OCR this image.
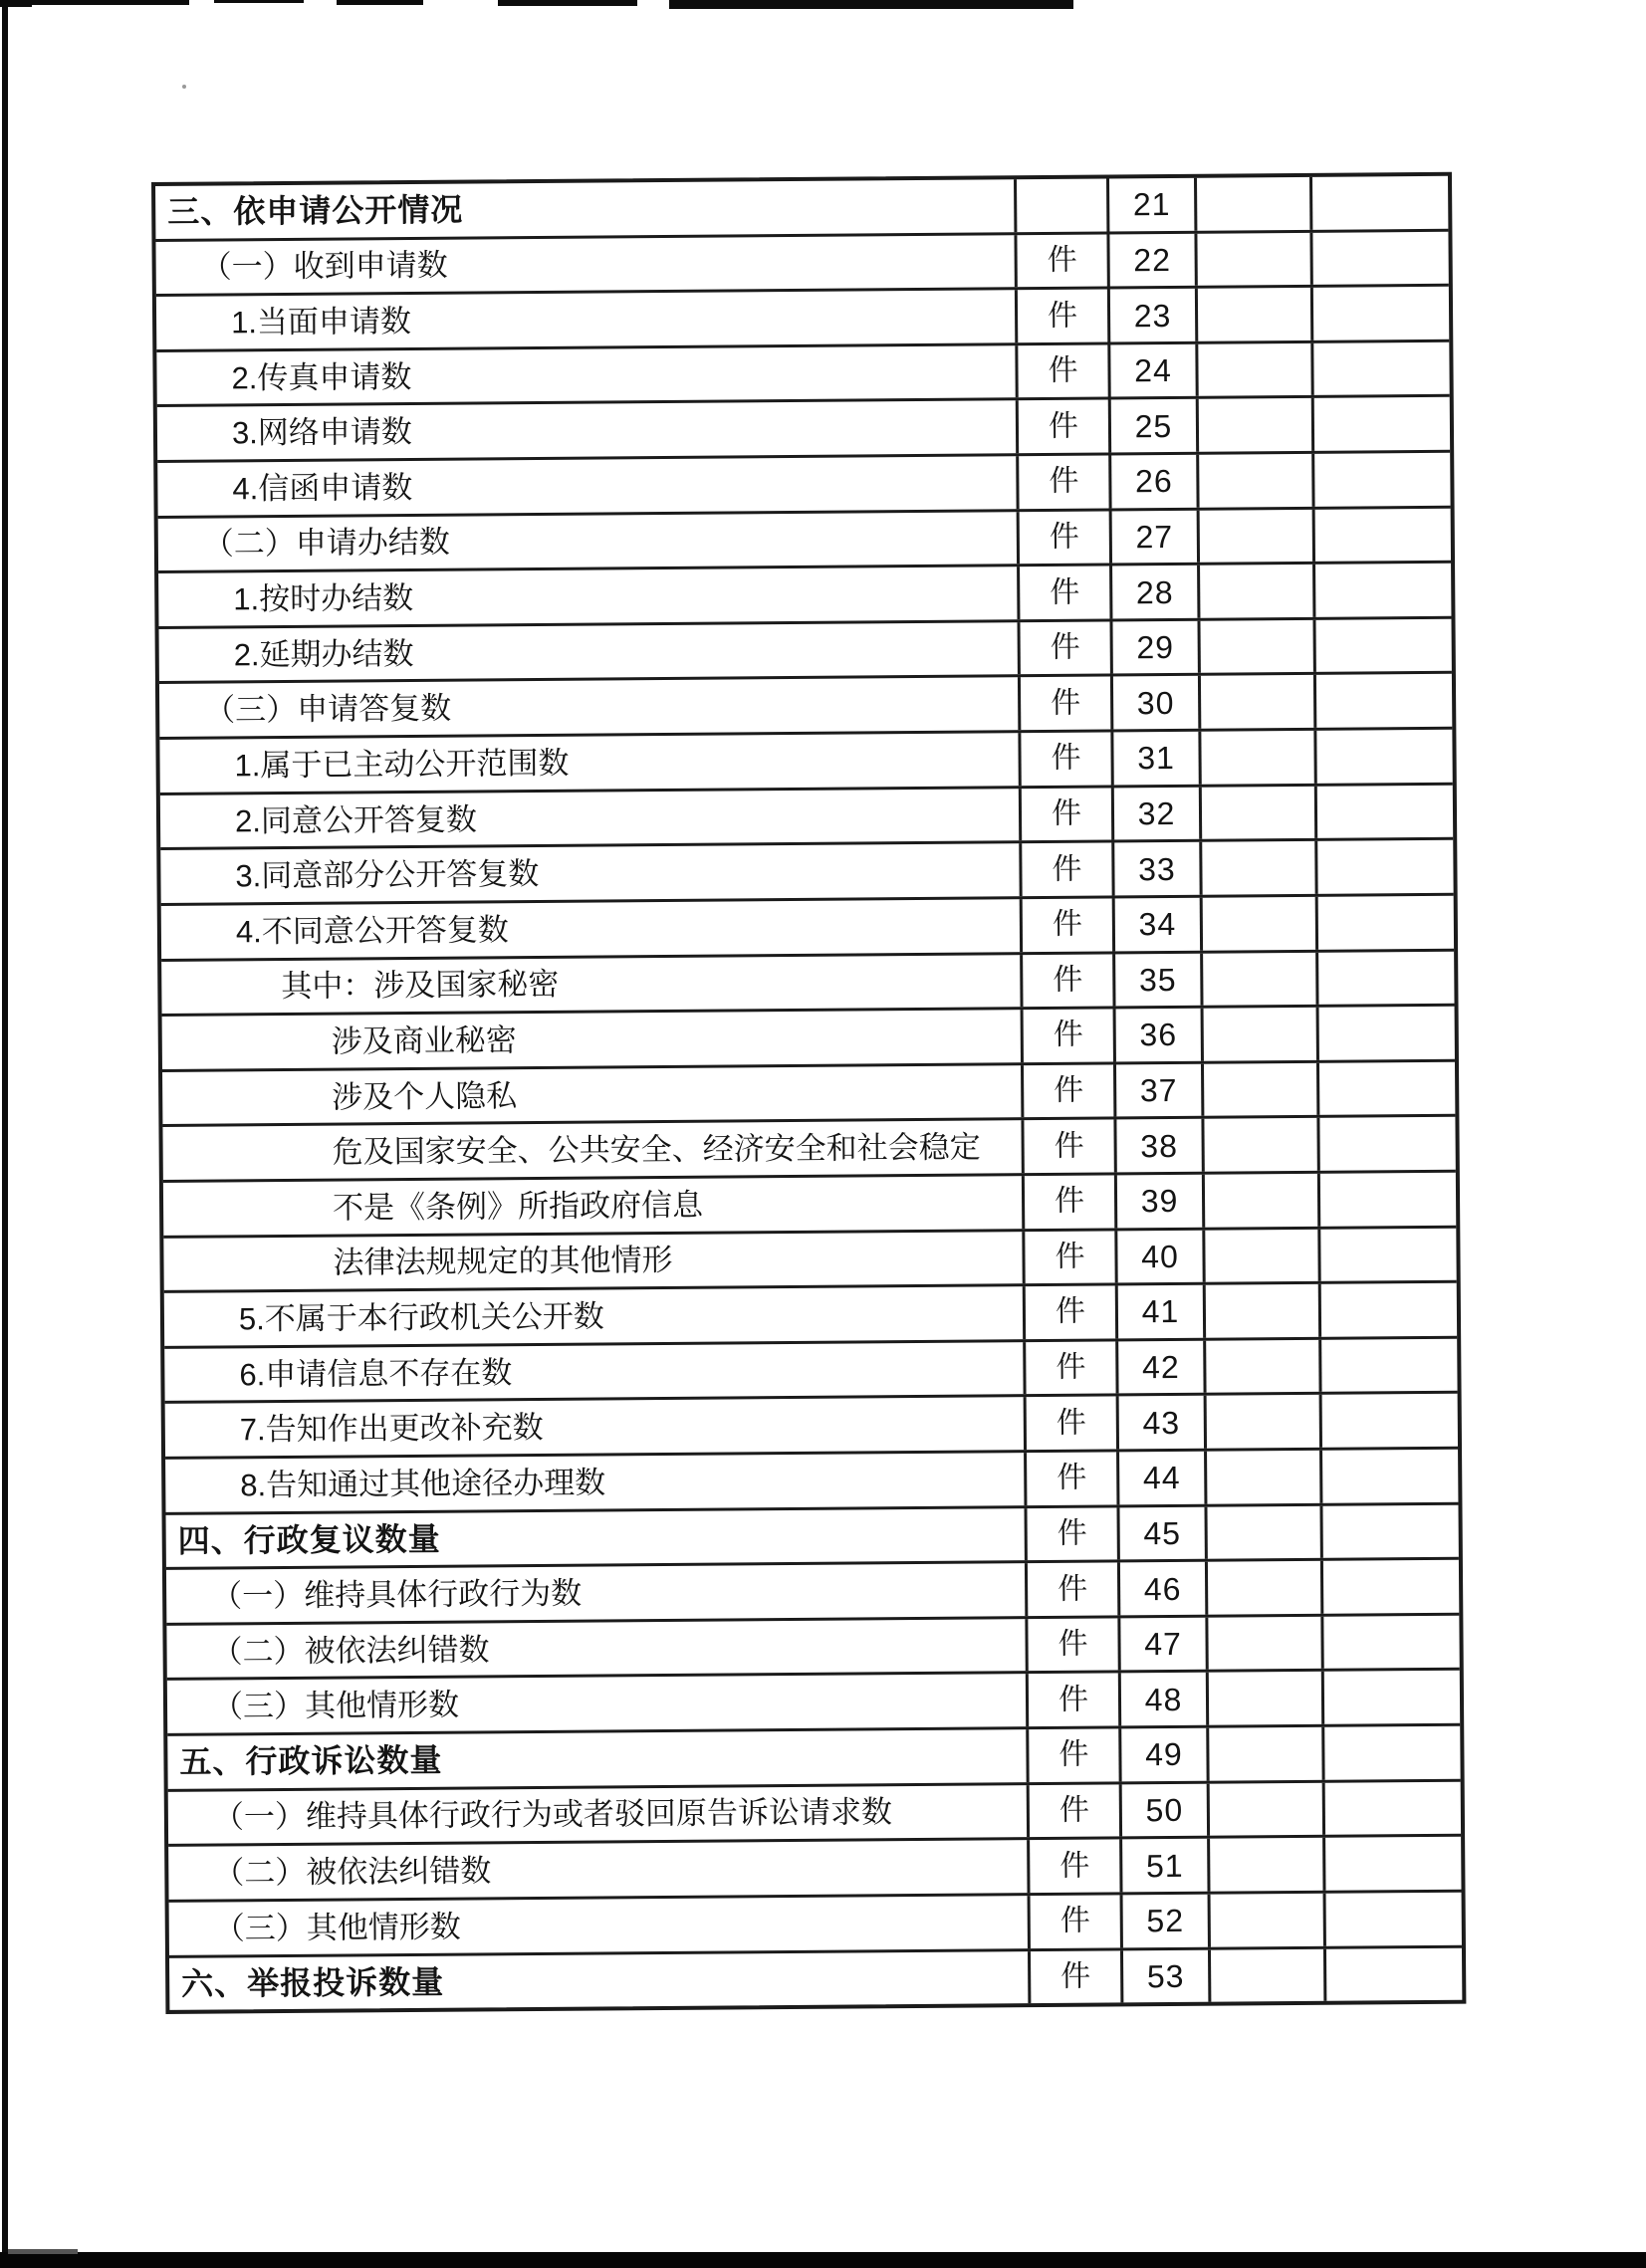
三、依申请公开情况	21
（一）收到申请数	件 22
1.当面申请数	件 23
2.传真申请数	件 24
3.网络申请数	件 25
4.信函申请数	件 26
（二）申请办结数	件 27
1.按时办结数	件 28
2.延期办结数	件 29
（三）申请答复数	件 30
1.属于已主动公开范围数	件 31
2.同意公开答复数	件 32
3.同意部分公开答复数	件 33
4.不同意公开答复数	件 34
其中：涉及国家秘密	件 35
涉及商业秘密	件 36
涉及个人隐私	件 37
危及国家安全、公共安全、经济安全和社会稳定 件 38
不是《条例》所指政府信息	件 39
法律法规规定的其他情形	件 40
5.不属于本行政机关公开数	件 41
6.申请信息不存在数	件 42
7.告知作出更改补充数	件 43
8.告知通过其他途径办理数	件 44
四、行政复议数量	件 45
（一）维持具体行政行为数	件 46
（二）被依法纠错数	件 47
（三）其他情形数	件 48
五、行政诉讼数量	件 49
（一）维持具体行政行为或者驳回原告诉讼请求数	件 50
（二）被依法纠错数	件 51
（三）其他情形数	件 52
六、举报投诉数量	件 53
